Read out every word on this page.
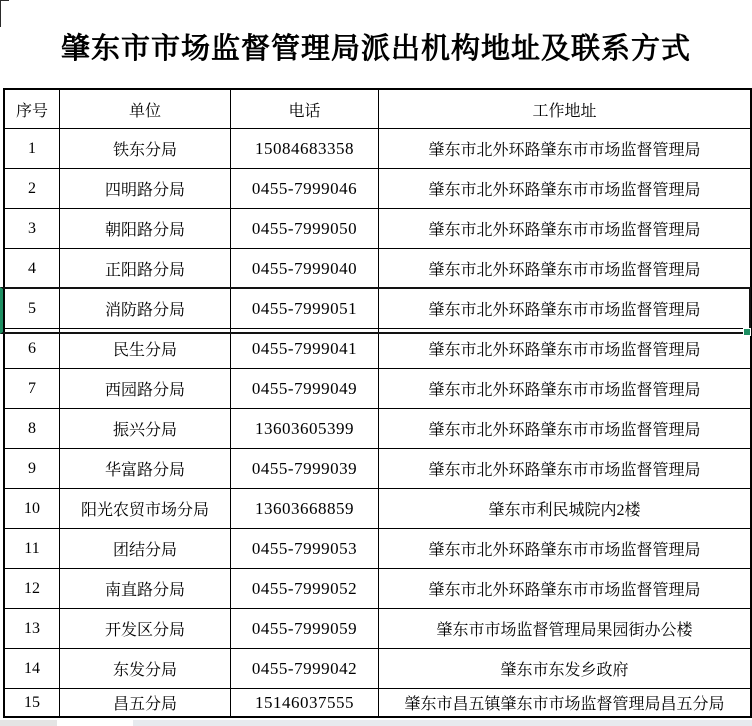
肇东市市场监督管理局派出机构地址及联系方式
序号	单位	电话	工作地址
1	铁东分局	15084683358	肇东市北外环路肇东市市场监督管理局
2	四明路分局	0455-7999046	肇东市北外环路肇东市市场监督管理局
3	朝阳路分局	0455-7999050	肇东市北外环路肇东市市场监督管理局
4	正阳路分局	0455-7999040	肇东市北外环路肇东市市场监督管理局
5	消防路分局	0455-7999051	肇东市北外环路肇东市市场监督管理局
6	民生分局	0455-7999041	肇东市北外环路肇东市市场监督管理局
7	西园路分局	0455-7999049	肇东市北外环路肇东市市场监督管理局
8	振兴分局	13603605399	肇东市北外环路肇东市市场监督管理局
9	华富路分局	0455-7999039	肇东市北外环路肇东市市场监督管理局
10	阳光农贸市场分局	13603668859	肇东市利民城院内2楼
11	团结分局	0455-7999053	肇东市北外环路肇东市市场监督管理局
12	南直路分局	0455-7999052	肇东市北外环路肇东市市场监督管理局
13	开发区分局	0455-7999059	肇东市市场监督管理局果园街办公楼
14	东发分局	0455-7999042	肇东市东发乡政府
15	昌五分局	15146037555	肇东市昌五镇肇东市市场监督管理局昌五分局
